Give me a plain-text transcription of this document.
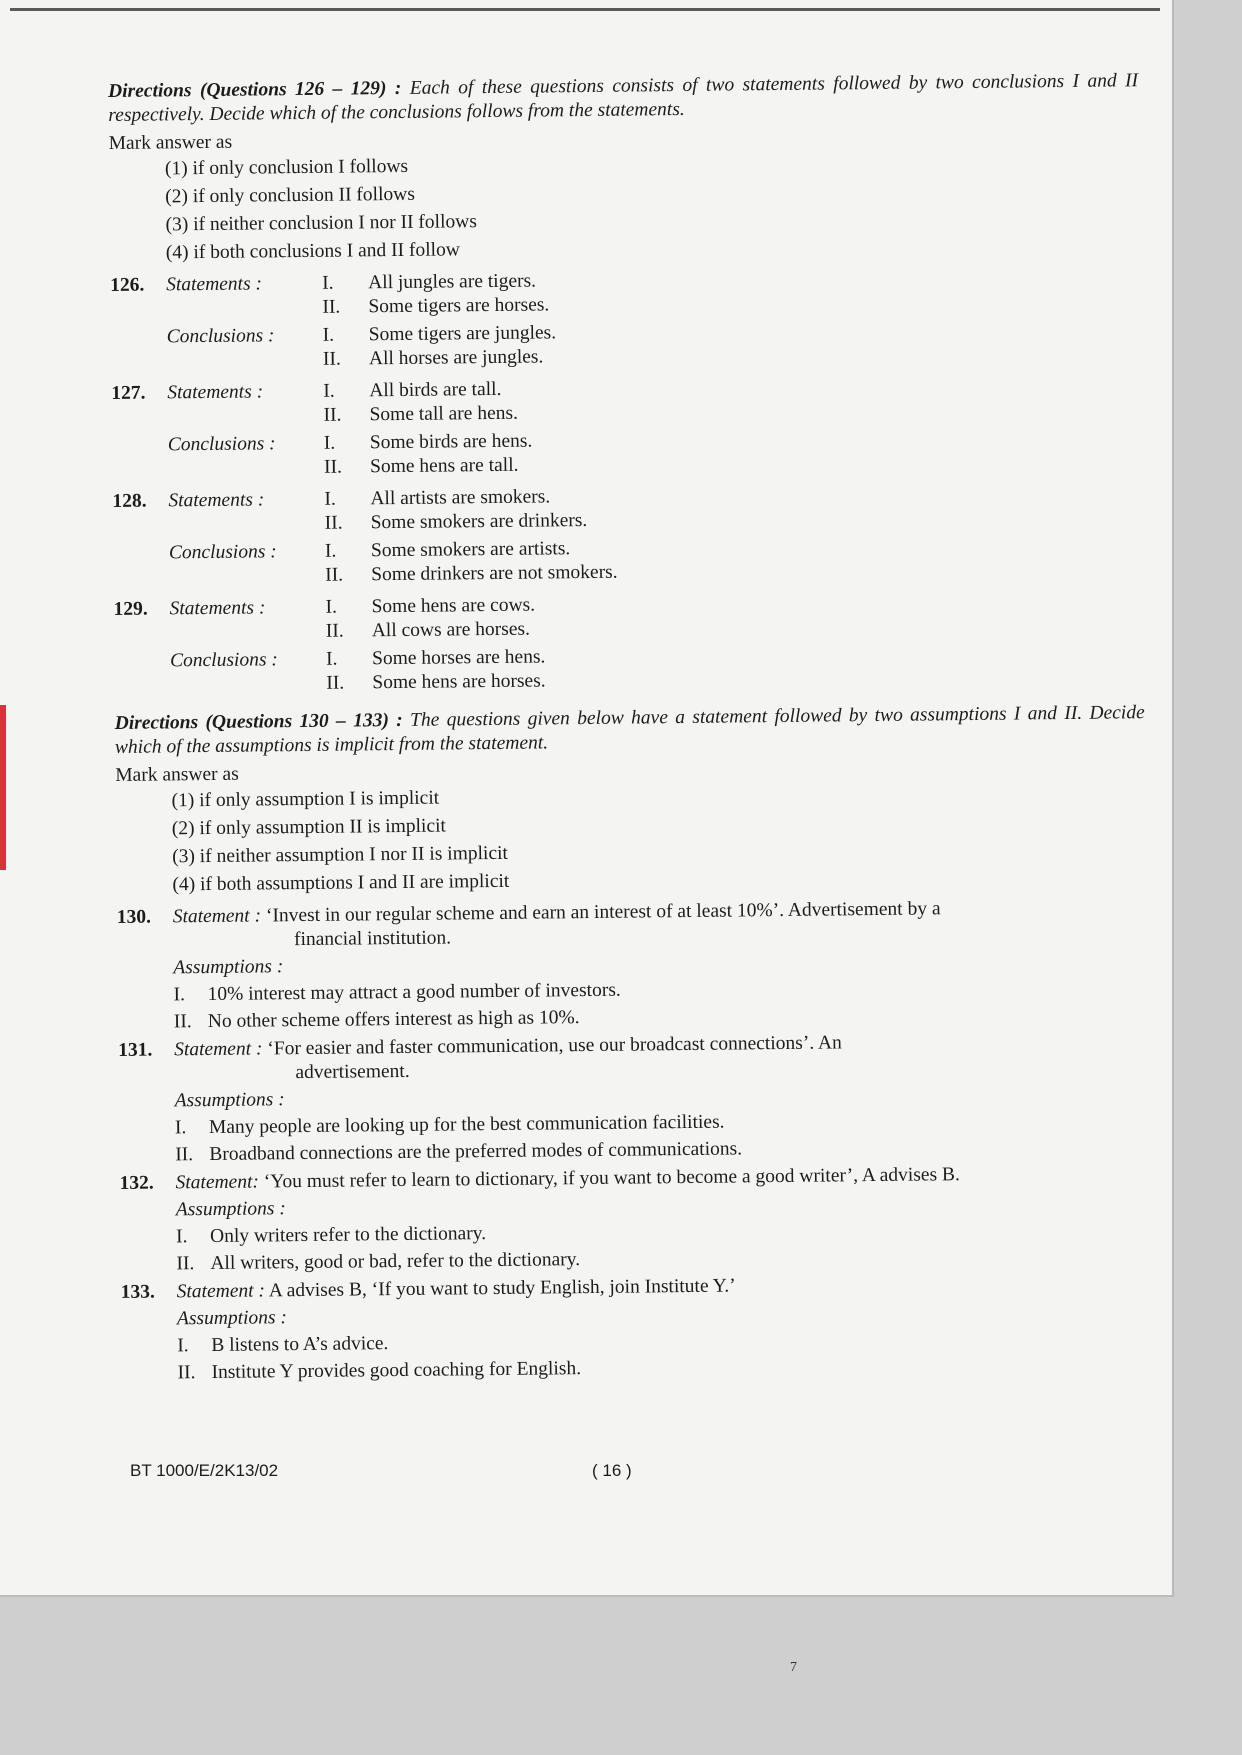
Directions (Questions 126 – 129) : Each of these questions consists of two statements followed by two conclusions I and II respectively. Decide which of the conclusions follows from the statements.

Mark answer as
(1) if only conclusion I follows
(2) if only conclusion II follows
(3) if neither conclusion I nor II follows
(4) if both conclusions I and II follow
126.	Statements :	I.	All jungles are tigers.
II.	Some tigers are horses.
Conclusions :	I.	Some tigers are jungles.
II.	All horses are jungles.
127.	Statements :	I.	All birds are tall.
II.	Some tall are hens.
Conclusions :	I.	Some birds are hens.
II.	Some hens are tall.
128.	Statements :	I.	All artists are smokers.
II.	Some smokers are drinkers.
Conclusions :	I.	Some smokers are artists.
II.	Some drinkers are not smokers.
129.	Statements :	I.	Some hens are cows.
II.	All cows are horses.
Conclusions :	I.	Some horses are hens.
II.	Some hens are horses.

Directions (Questions 130 – 133) : The questions given below have a statement followed by two assumptions I and II. Decide which of the assumptions is implicit from the statement.

Mark answer as
(1) if only assumption I is implicit
(2) if only assumption II is implicit
(3) if neither assumption I nor II is implicit
(4) if both assumptions I and II are implicit
130.	Statement : ‘Invest in our regular scheme and earn an interest of at least 10%’. Advertisement by a
financial institution.
Assumptions :
I.	10% interest may attract a good number of investors.
II. No other scheme offers interest as high as 10%.
131.	Statement : ‘For easier and faster communication, use our broadcast connections’. An
advertisement.
Assumptions :
I.	Many people are looking up for the best communication facilities.
II. Broadband connections are the preferred modes of communications.
132.	Statement: ‘You must refer to learn to dictionary, if you want to become a good writer’, A advises B.
Assumptions :
I.	Only writers refer to the dictionary.
II. All writers, good or bad, refer to the dictionary.
133.	Statement : A advises B, ‘If you want to study English, join Institute Y.’
Assumptions :
I.	B listens to A’s advice.
II. Institute Y provides good coaching for English.
BT 1000/E/2K13/02	( 16 )
7
